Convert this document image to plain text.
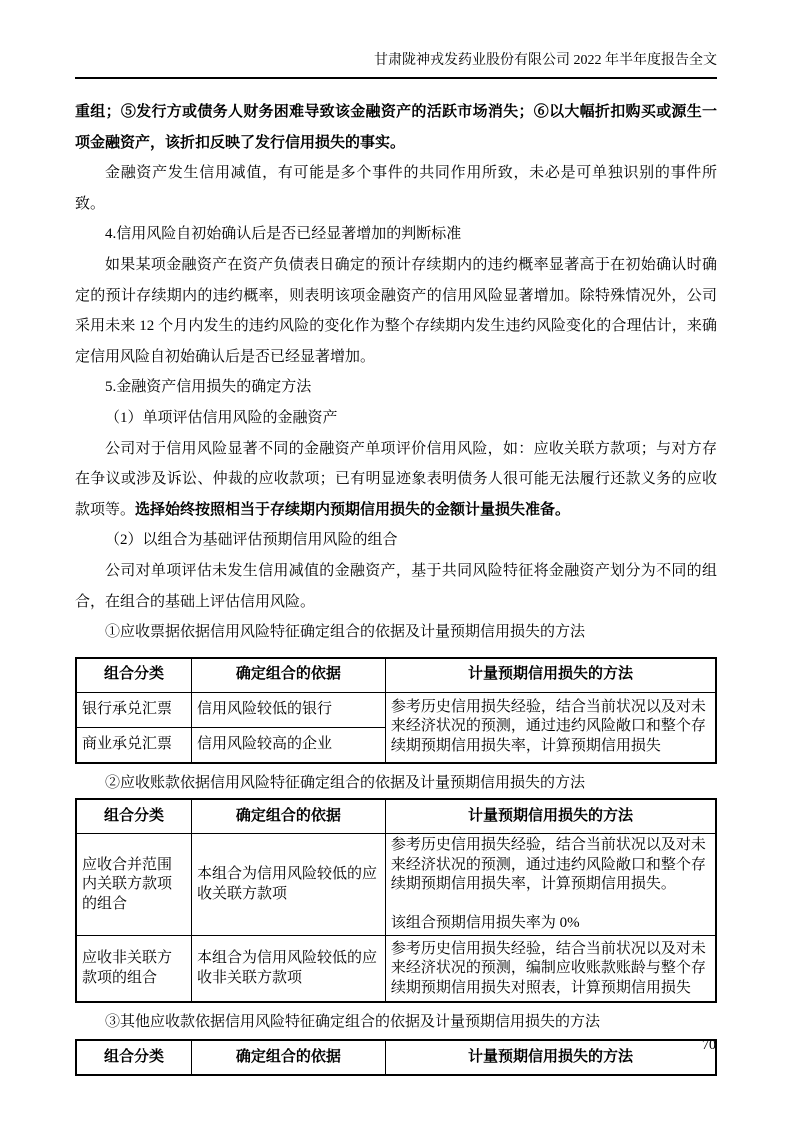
甘肃陇神戎发药业股份有限公司 2022 年半年度报告全文

重组；⑤发行方或债务人财务困难导致该金融资产的活跃市场消失；⑥以大幅折扣购买或源生一项金融资产，该折扣反映了发行信用损失的事实。

金融资产发生信用减值，有可能是多个事件的共同作用所致，未必是可单独识别的事件所致。

4.信用风险自初始确认后是否已经显著增加的判断标准

如果某项金融资产在资产负债表日确定的预计存续期内的违约概率显著高于在初始确认时确定的预计存续期内的违约概率，则表明该项金融资产的信用风险显著增加。除特殊情况外，公司采用未来 12 个月内发生的违约风险的变化作为整个存续期内发生违约风险变化的合理估计，来确定信用风险自初始确认后是否已经显著增加。

5.金融资产信用损失的确定方法

（1）单项评估信用风险的金融资产

公司对于信用风险显著不同的金融资产单项评价信用风险，如：应收关联方款项；与对方存在争议或涉及诉讼、仲裁的应收款项；已有明显迹象表明债务人很可能无法履行还款义务的应收款项等。选择始终按照相当于存续期内预期信用损失的金额计量损失准备。

（2）以组合为基础评估预期信用风险的组合

公司对单项评估未发生信用减值的金融资产，基于共同风险特征将金融资产划分为不同的组合，在组合的基础上评估信用风险。

①应收票据依据信用风险特征确定组合的依据及计量预期信用损失的方法

组合分类	确定组合的依据	计量预期信用损失的方法
银行承兑汇票	信用风险较低的银行	参考历史信用损失经验，结合当前状况以及对未来经济状况的预测，通过违约风险敞口和整个存续期预期信用损失率，计算预期信用损失
商业承兑汇票	信用风险较高的企业	

②应收账款依据信用风险特征确定组合的依据及计量预期信用损失的方法

组合分类	确定组合的依据	计量预期信用损失的方法
应收合并范围内关联方款项的组合	本组合为信用风险较低的应收关联方款项	参考历史信用损失经验，结合当前状况以及对未来经济状况的预测，通过违约风险敞口和整个存续期预期信用损失率，计算预期信用损失。
该组合预期信用损失率为 0%

应收非关联方款项的组合	本组合为信用风险较低的应收非关联方款项	参考历史信用损失经验，结合当前状况以及对未来经济状况的预测，编制应收账款账龄与整个存续期预期信用损失对照表，计算预期信用损失

③其他应收款依据信用风险特征确定组合的依据及计量预期信用损失的方法

组合分类	确定组合的依据	计量预期信用损失的方法
70
